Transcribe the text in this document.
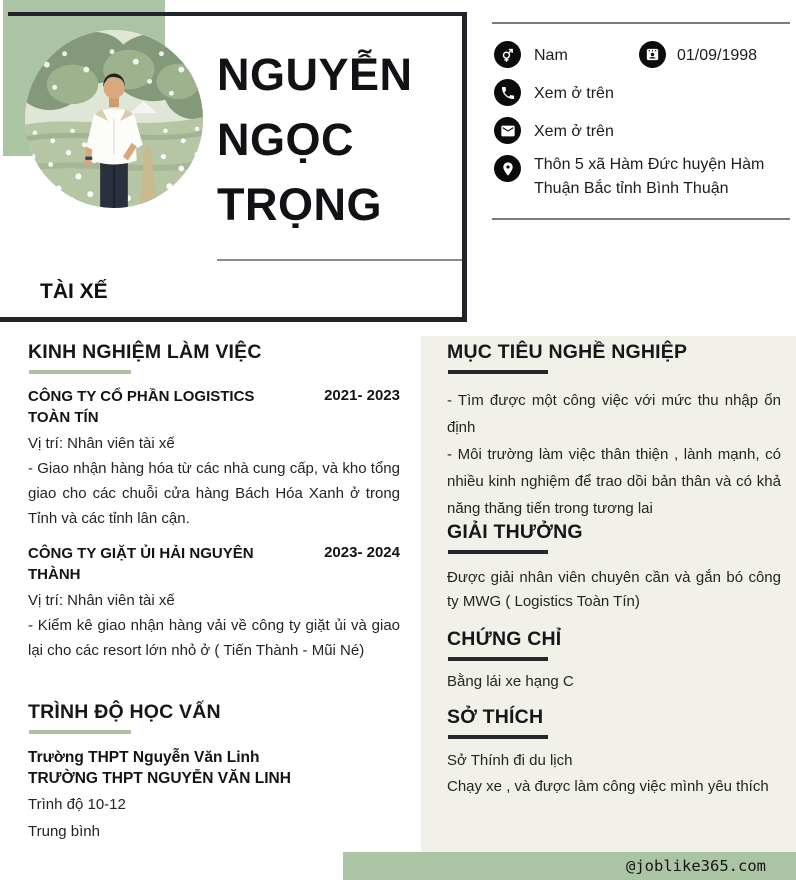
NGUYỄN
NGỌC
TRỌNG
TÀI XẾ
Nam	01/09/1998
Xem ở trên
Xem ở trên
Thôn 5 xã Hàm Đức huyện Hàm Thuận Bắc tỉnh Bình Thuận
KINH NGHIỆM LÀM VIỆC
CÔNG TY CỔ PHẦN LOGISTICS TOÀN TÍN
2021- 2023
Vị trí: Nhân viên tài xế
- Giao nhận hàng hóa từ các nhà cung cấp, và kho tổng giao cho các chuỗi cửa hàng Bách Hóa Xanh ở trong Tỉnh và các tỉnh lân cận.
CÔNG TY GIẶT ỦI HẢI NGUYÊN THÀNH
2023- 2024
Vị trí: Nhân viên tài xế
- Kiểm kê giao nhận hàng vải về công ty giặt ủi và giao lại cho các resort lớn nhỏ ở ( Tiến Thành - Mũi Né)
TRÌNH ĐỘ HỌC VẤN
Trường THPT Nguyễn Văn Linh
TRƯỜNG THPT NGUYỄN VĂN LINH
Trình độ 10-12
Trung bình
MỤC TIÊU NGHỀ NGHIỆP

- Tìm được một công việc với mức thu nhập ổn định

- Môi trường làm việc thân thiện , lành mạnh, có nhiều kinh nghiệm để trao dồi bản thân và có khả năng thăng tiến trong tương lai

GIẢI THƯỞNG

Được giải nhân viên chuyên cần và gắn bó công ty MWG ( Logistics Toàn Tín)

CHỨNG CHỈ

Bằng lái xe hạng C

SỞ THÍCH

Sở Thính đi du lịch

Chạy xe , và được làm công việc mình yêu thích

@joblike365.com
